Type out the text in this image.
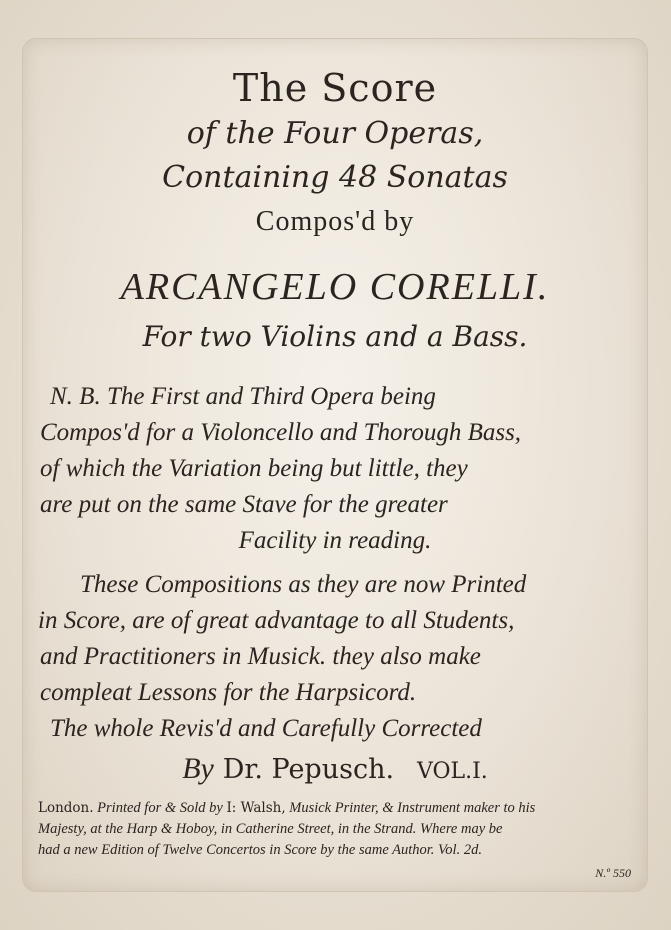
The Score
of the Four Operas,
Containing 48 Sonatas
Compos'd by
ARCANGELO CORELLI.
For two Violins and a Bass.
N. B. The First and Third Opera being
Compos'd for a Violoncello and Thorough Bass,
of which the Variation being but little, they
are put on the same Stave for the greater
Facility in reading.
These Compositions as they are now Printed
in Score, are of great advantage to all Students,
and Practitioners in Musick. they also make
compleat Lessons for the Harpsicord.
The whole Revis'd and Carefully Corrected
By Dr. Pepusch. VOL.I.
London. Printed for & Sold by I: Walsh, Musick Printer, & Instrument maker to his
Majesty, at the Harp & Hoboy, in Catherine Street, in the Strand. Where may be
had a new Edition of Twelve Concertos in Score by the same Author. Vol. 2d.
N.º 550
